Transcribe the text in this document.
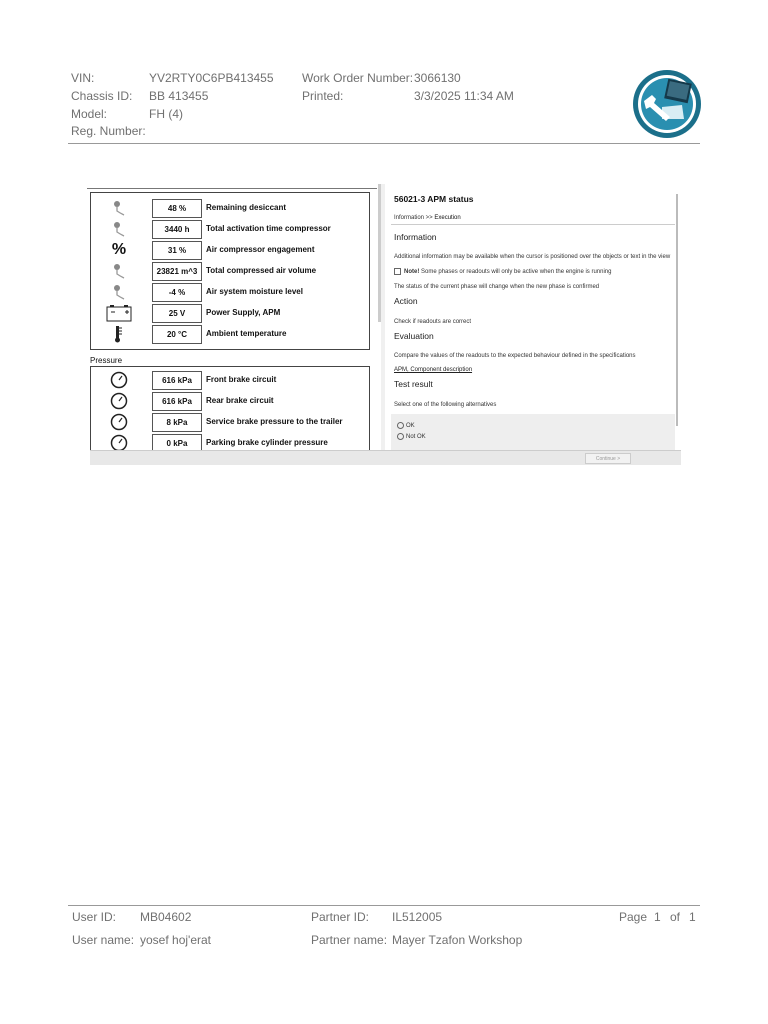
VIN:	YV2RTY0C6PB413455
Chassis ID: BB 413455
Model:	FH (4)
Reg. Number:
Work Order Number: 3066130
Printed:	3/3/2025 11:34 AM
48 %	Remaining desiccant
3440 h	Total activation time compressor
%	31 %	Air compressor engagement
23821 m^3	Total compressed air volume
-4 %	Air system moisture level
25 V	Power Supply, APM
20 °C	Ambient temperature
Pressure
616 kPa	Front brake circuit
616 kPa	Rear brake circuit
8 kPa	Service brake pressure to the trailer
0 kPa	Parking brake cylinder pressure
56021-3 APM status
Information >> Execution
Information
Additional information may be available when the cursor is positioned over the objects or text in the view
Note! Some phases or readouts will only be active when the engine is running
The status of the current phase will change when the new phase is confirmed
Action
Check if readouts are correct
Evaluation
Compare the values of the readouts to the expected behaviour defined in the specifications
APM, Component description
Test result
Select one of the following alternatives
OK
Not OK
Continue >
User ID: MB04602
User name: yosef hoj'erat
Partner ID: IL512005
Partner name: Mayer Tzafon Workshop
Page 1 of 1
